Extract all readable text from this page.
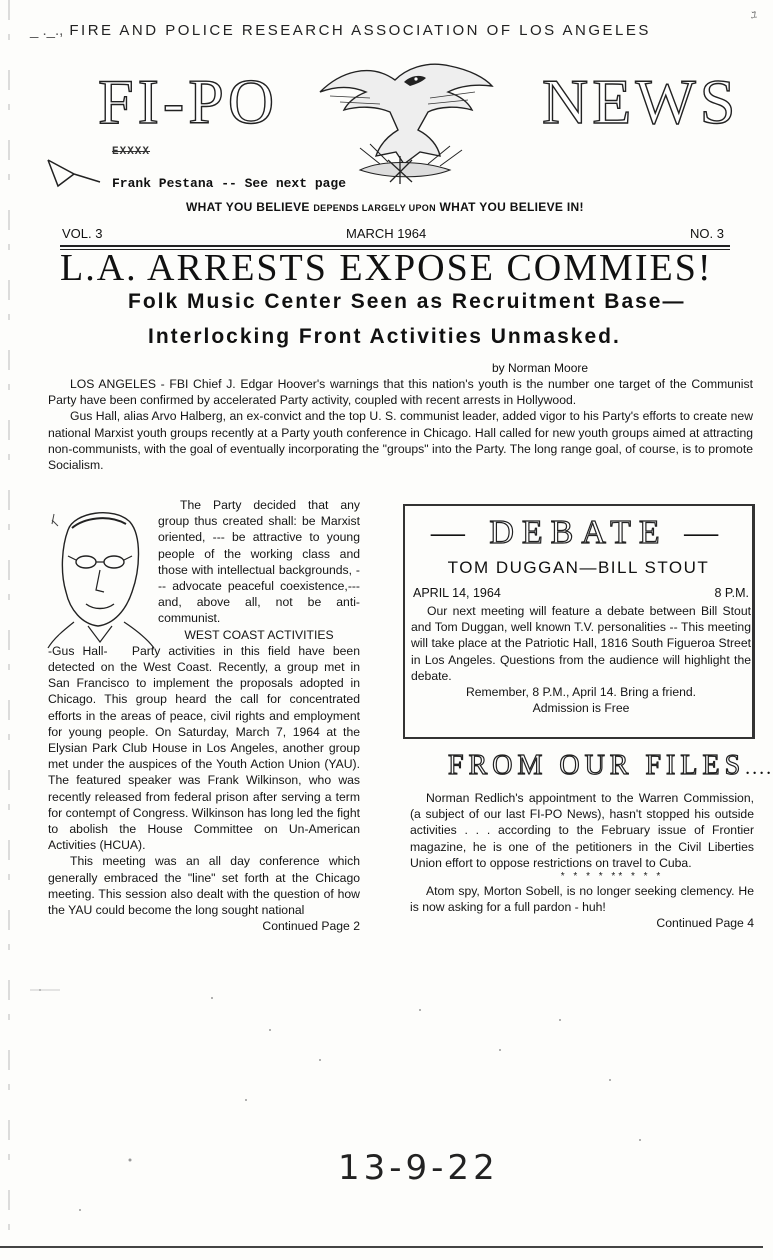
_ ._., FIRE AND POLICE RESEARCH ASSOCIATION OF LOS ANGELES
ﾕ
FI-PO	NEWS
EXXXX
Frank Pestana -- See next page
WHAT YOU BELIEVE DEPENDS LARGELY UPON WHAT YOU BELIEVE IN!
VOL. 3	MARCH 1964	NO. 3
L.A. ARRESTS EXPOSE COMMIES!
Folk Music Center Seen as Recruitment Base—
Interlocking Front Activities Unmasked.
by Norman Moore

LOS ANGELES - FBI Chief J. Edgar Hoover's warnings that this nation's youth is the number one target of the Communist Party have been confirmed by accelerated Party activity, coupled with recent arrests in Hollywood.

Gus Hall, alias Arvo Halberg, an ex-convict and the top U. S. communist leader, added vigor to his Party's efforts to create new national Marxist youth groups recently at a Party youth conference in Chicago. Hall called for new youth groups aimed at attracting non-communists, with the goal of eventually incorporating the "groups" into the Party. The long range goal, of course, is to promote Socialism.

The Party decided that any group thus created shall: be Marxist oriented, --- be attractive to young people of the working class and those with intellectual backgrounds, --- advocate peaceful coexistence,--- and, above all, not be anti-communist.

WEST COAST ACTIVITIES

-Gus Hall- Party activities in this field have been detected on the West Coast. Recently, a group met in San Francisco to implement the proposals adopted in Chicago. This group heard the call for concentrated efforts in the areas of peace, civil rights and employment for young people. On Saturday, March 7, 1964 at the Elysian Park Club House in Los Angeles, another group met under the auspices of the Youth Action Union (YAU). The featured speaker was Frank Wilkinson, who was recently released from federal prison after serving a term for contempt of Congress. Wilkinson has long led the fight to abolish the House Committee on Un-American Activities (HCUA).

This meeting was an all day conference which generally embraced the "line" set forth at the Chicago meeting. This session also dealt with the question of how the YAU could become the long sought national

Continued Page 2

— DEBATE —
TOM DUGGAN—BILL STOUT
APRIL 14, 1964	8 P.M.

Our next meeting will feature a debate between Bill Stout and Tom Duggan, well known T.V. personalities -- This meeting will take place at the Patriotic Hall, 1816 South Figueroa Street in Los Angeles. Questions from the audience will highlight the debate.

Remember, 8 P.M., April 14. Bring a friend.

Admission is Free

FROM OUR FILES....

Norman Redlich's appointment to the Warren Commission, (a subject of our last FI-PO News), hasn't stopped his outside activities . . . according to the February issue of Frontier magazine, he is one of the petitioners in the Civil Liberties Union effort to oppose restrictions on travel to Cuba.

* * * * ** * * *

Atom spy, Morton Sobell, is no longer seeking clemency. He is now asking for a full pardon - huh!

Continued Page 4

13-9-22
